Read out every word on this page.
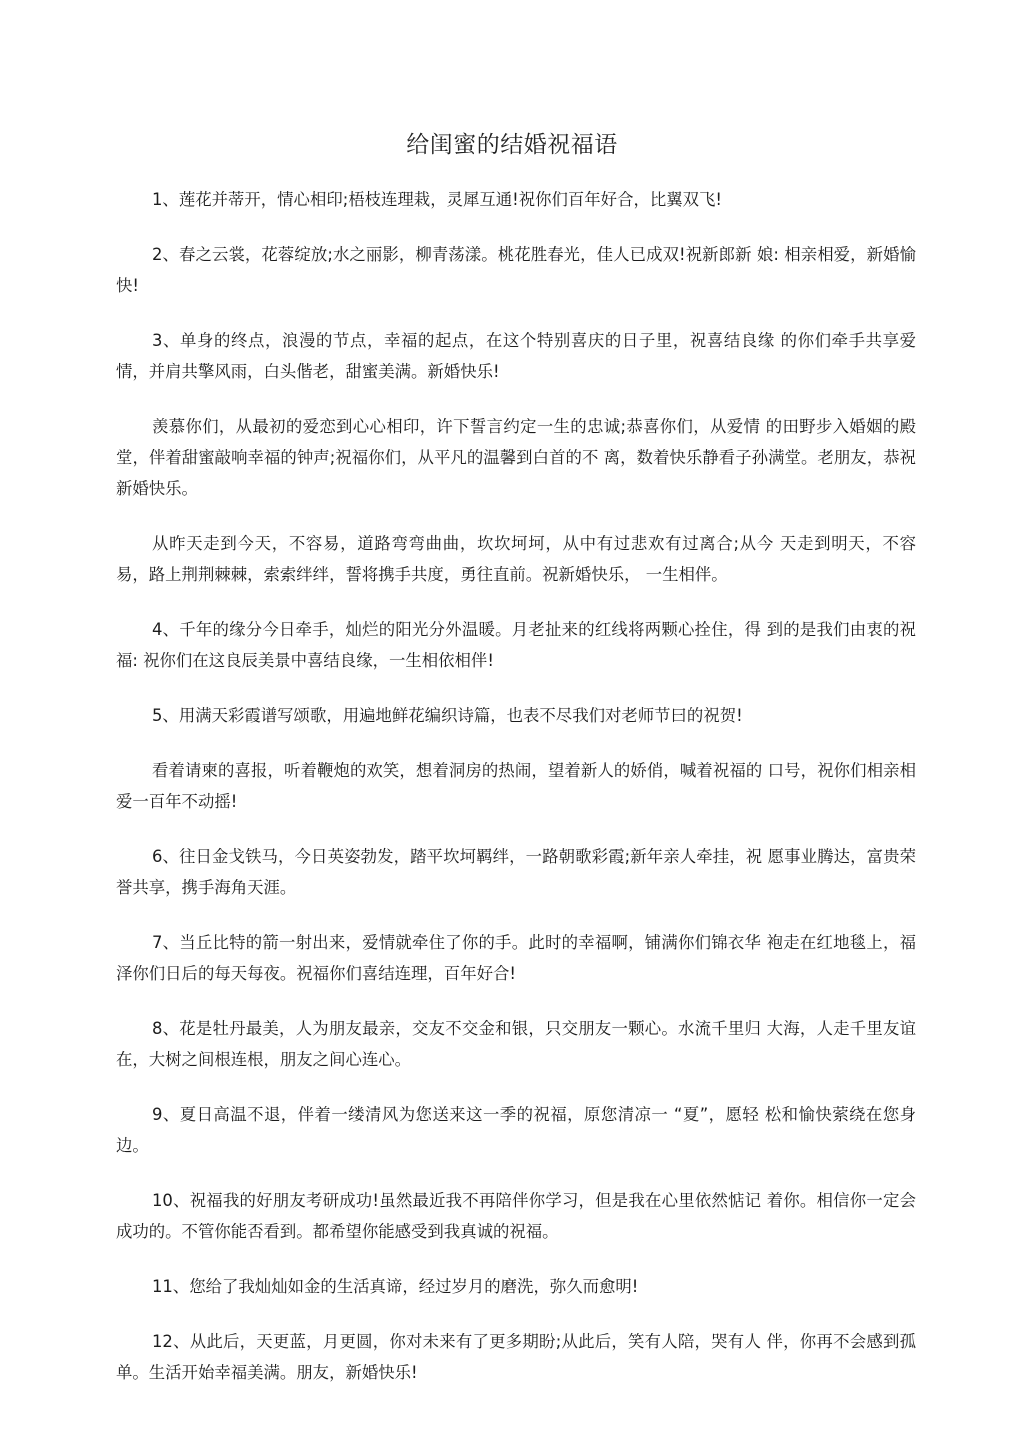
给闺蜜的结婚祝福语

1、莲花并蒂开，情心相印;梧枝连理栽，灵犀互通!祝你们百年好合，比翼双飞!

2、春之云裳，花蓉绽放;水之丽影，柳青荡漾。桃花胜春光，佳人已成双!祝新郎新 娘: 相亲相爱，新婚愉快!

3、单身的终点，浪漫的节点，幸福的起点，在这个特别喜庆的日子里，祝喜结良缘 的你们牵手共享爱情，并肩共擎风雨，白头偕老，甜蜜美满。新婚快乐!

羡慕你们，从最初的爱恋到心心相印，许下誓言约定一生的忠诚;恭喜你们，从爱情 的田野步入婚姻的殿堂，伴着甜蜜敲响幸福的钟声;祝福你们，从平凡的温馨到白首的不 离，数着快乐静看子孙满堂。老朋友，恭祝新婚快乐。

从昨天走到今天，不容易，道路弯弯曲曲，坎坎坷坷，从中有过悲欢有过离合;从今 天走到明天，不容易，路上荆荆棘棘，索索绊绊，誓将携手共度，勇往直前。祝新婚快乐， 一生相伴。

4、千年的缘分今日牵手，灿烂的阳光分外温暖。月老扯来的红线将两颗心拴住，得 到的是我们由衷的祝福: 祝你们在这良辰美景中喜结良缘，一生相依相伴!

5、用满天彩霞谱写颂歌，用遍地鲜花编织诗篇，也表不尽我们对老师节曰的祝贺!

看着请柬的喜报，听着鞭炮的欢笑，想着洞房的热闹，望着新人的娇俏，喊着祝福的 口号，祝你们相亲相爱一百年不动摇!

6、往日金戈铁马，今日英姿勃发，踏平坎坷羁绊，一路朝歌彩霞;新年亲人牵挂，祝 愿事业腾达，富贵荣誉共享，携手海角天涯。

7、当丘比特的箭一射出来，爱情就牵住了你的手。此时的幸福啊，铺满你们锦衣华 袍走在红地毯上，福泽你们日后的每天每夜。祝福你们喜结连理，百年好合!

8、花是牡丹最美，人为朋友最亲，交友不交金和银，只交朋友一颗心。水流千里归 大海，人走千里友谊在，大树之间根连根，朋友之间心连心。

9、夏日高温不退，伴着一缕清风为您送来这一季的祝福，原您清凉一 “夏”，愿轻 松和愉快萦绕在您身边。

10、祝福我的好朋友考研成功!虽然最近我不再陪伴你学习，但是我在心里依然惦记 着你。相信你一定会成功的。不管你能否看到。都希望你能感受到我真诚的祝福。

11、您给了我灿灿如金的生活真谛，经过岁月的磨洗，弥久而愈明!

12、从此后，天更蓝，月更圆，你对未来有了更多期盼;从此后，笑有人陪，哭有人 伴，你再不会感到孤单。生活开始幸福美满。朋友，新婚快乐!
